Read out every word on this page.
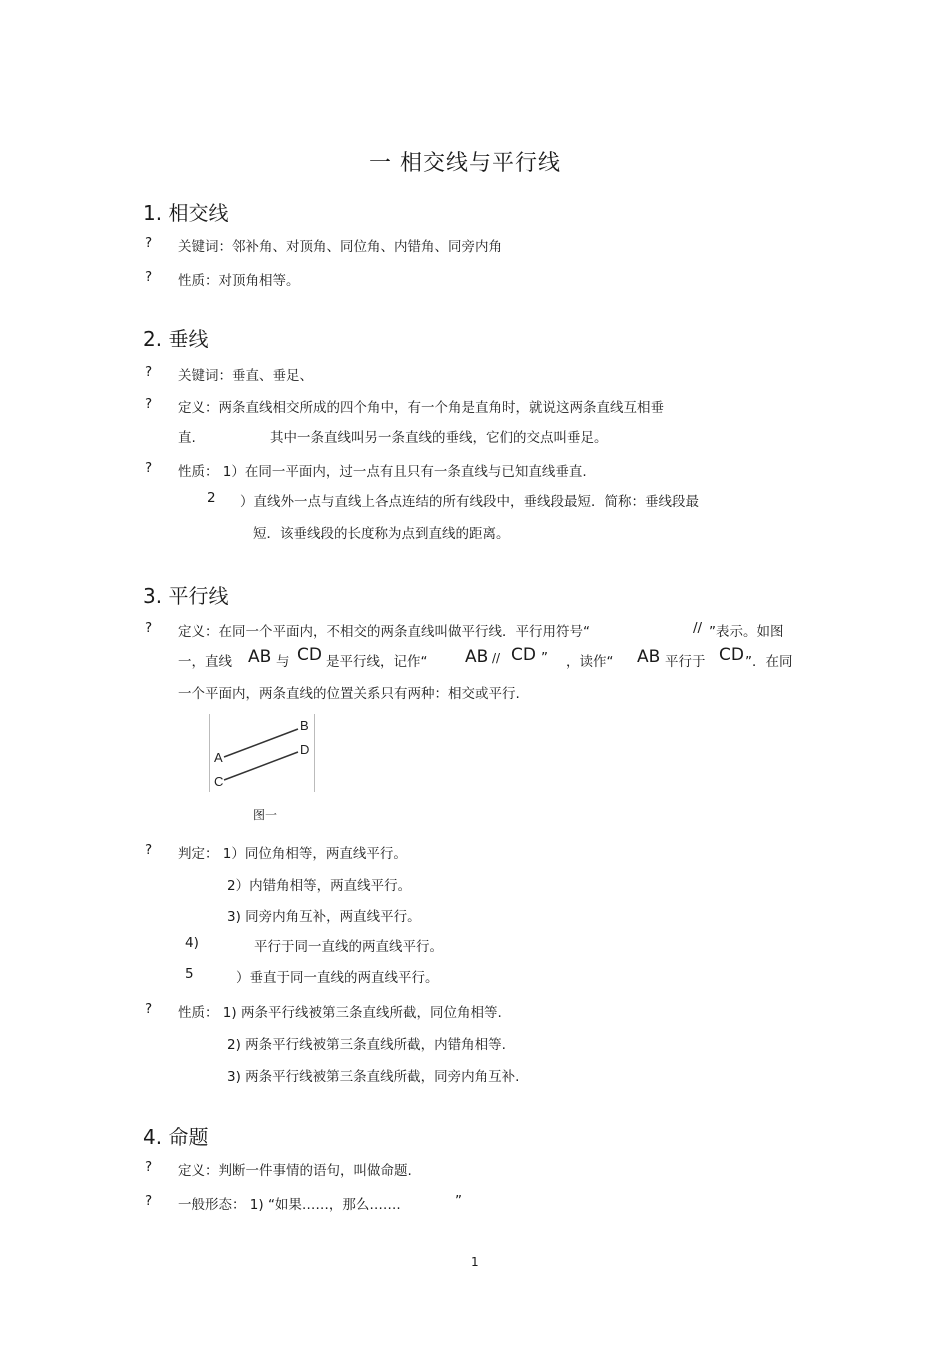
一 相交线与平行线
1. 相交线
? 关键词：邻补角、对顶角、同位角、内错角、同旁内角
? 性质：对顶角相等。
2. 垂线
? 关键词：垂直、垂足、
? 定义：两条直线相交所成的四个角中，有一个角是直角时，就说这两条直线互相垂
直.	其中一条直线叫另一条直线的垂线，它们的交点叫垂足。
? 性质： 1）在同一平面内，过一点有且只有一条直线与已知直线垂直.
2 ）直线外一点与直线上各点连结的所有线段中，垂线段最短．简称：垂线段最
短．该垂线段的长度称为点到直线的距离。
3. 平行线
? 定义：在同一个平面内，不相交的两条直线叫做平行线．平行用符号“	// ”表示。如图
一，直线 AB 与 CD 是平行线，记作“ AB // CD ” ，读作“ AB 平行于 CD ”．在同
一个平面内，两条直线的位置关系只有两种：相交或平行.
A
B
C
D
图一
? 判定： 1）同位角相等，两直线平行。
2）内错角相等，两直线平行。
3) 同旁内角互补，两直线平行。
4)	平行于同一直线的两直线平行。
5	）垂直于同一直线的两直线平行。
? 性质： 1) 两条平行线被第三条直线所截，同位角相等.
2) 两条平行线被第三条直线所截，内错角相等.
3) 两条平行线被第三条直线所截，同旁内角互补.
4. 命题
? 定义：判断一件事情的语句，叫做命题.
? 一般形态： 1) “如果……，那么…….	”
1
